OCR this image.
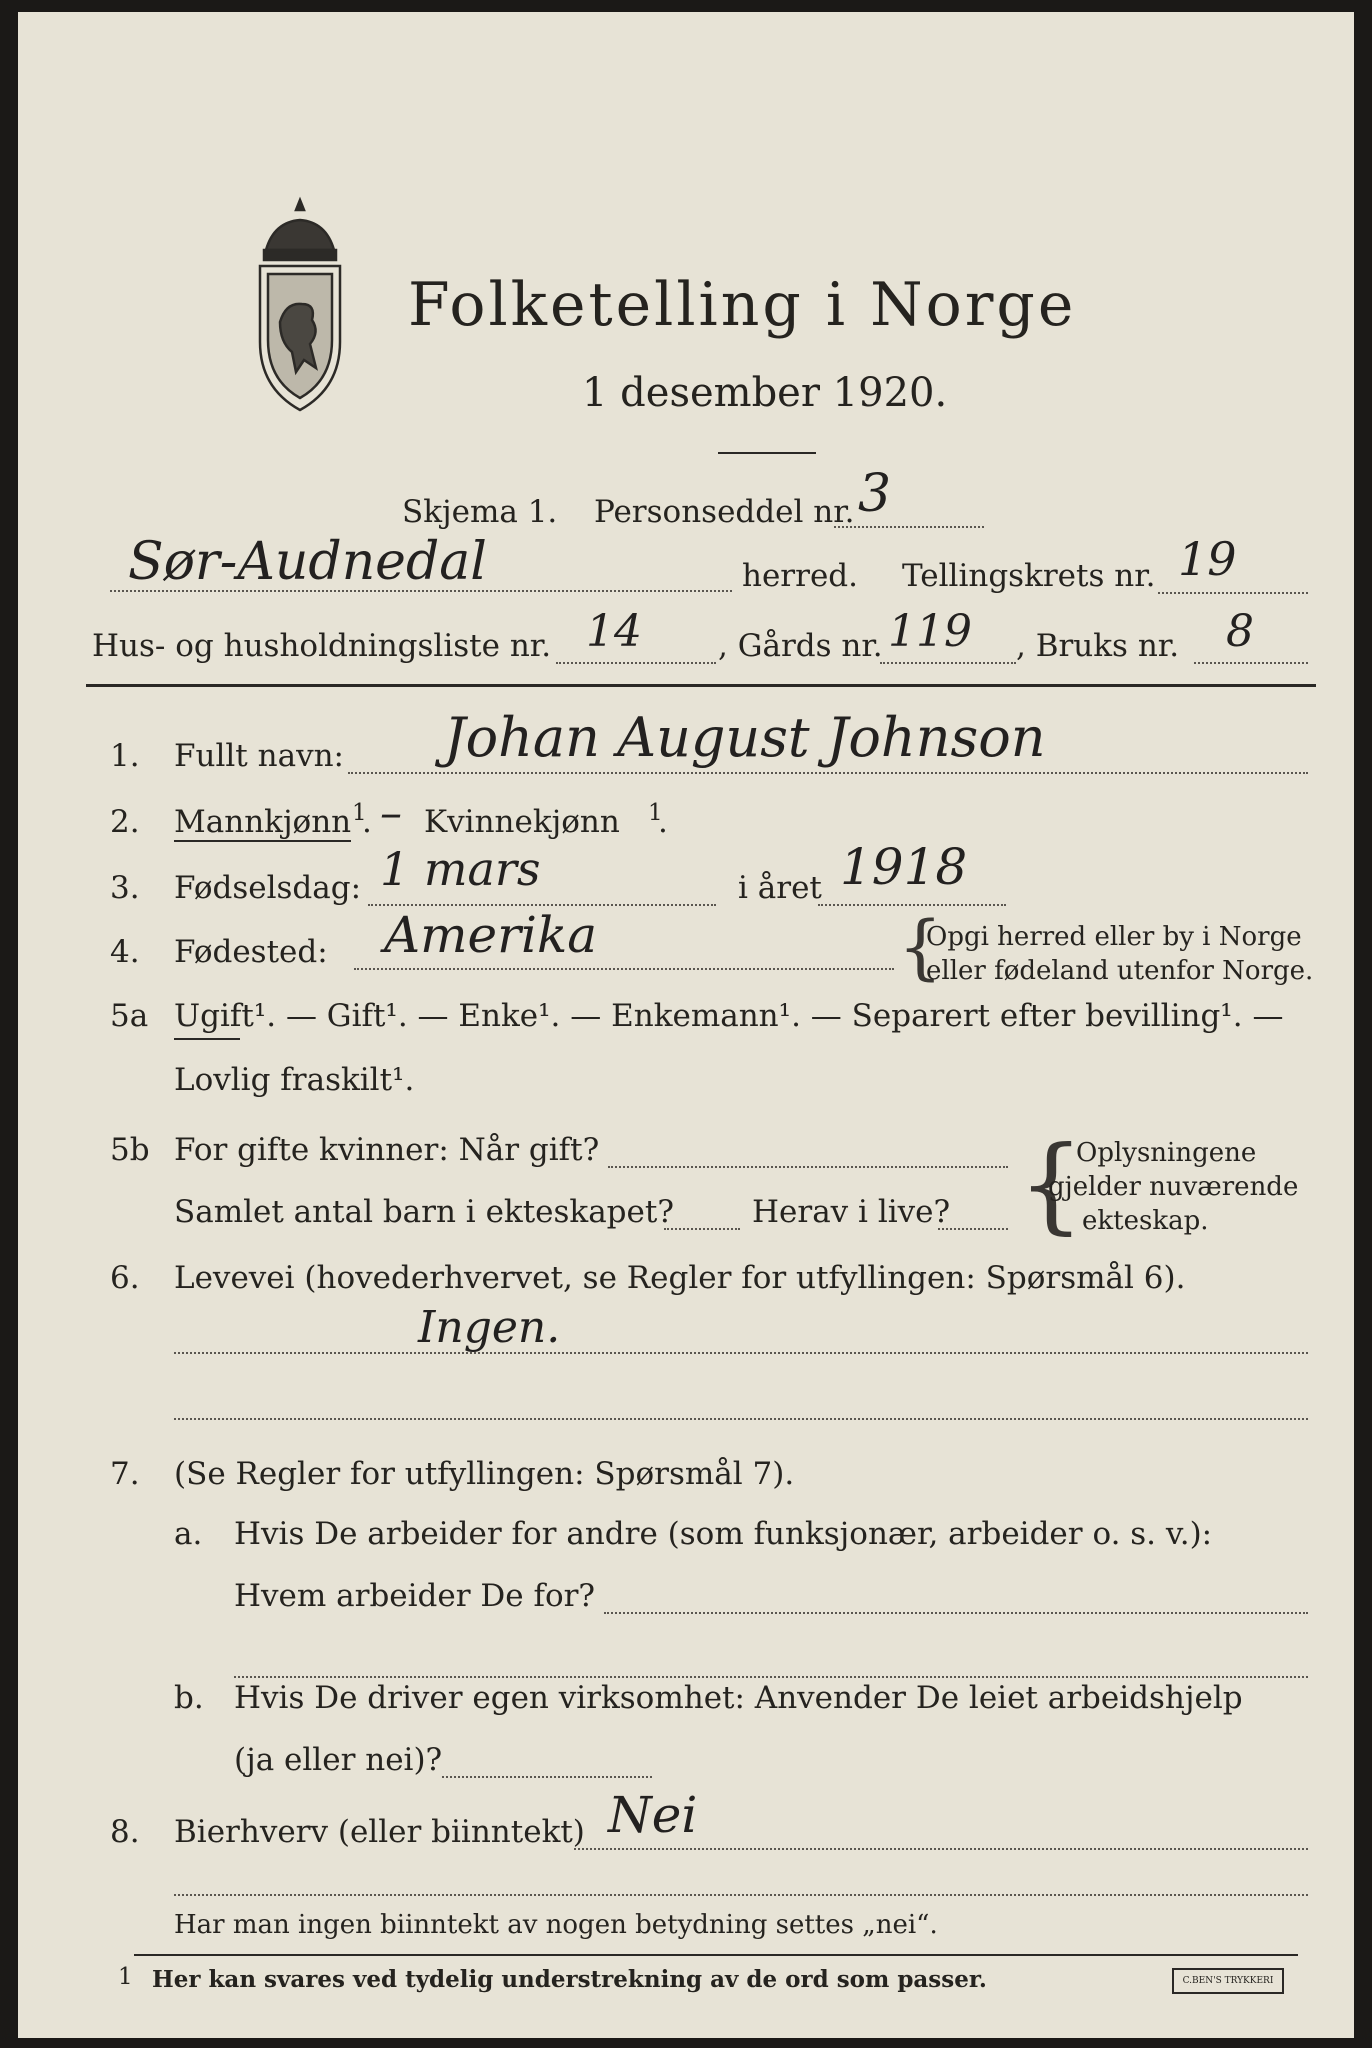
Folketelling i Norge
1 desember 1920.
Skjema 1. Personseddel nr. 3
Sør-Audnedal	herred. Tellingskrets nr. 19
Hus- og husholdningsliste nr. 14 , Gårds nr. 119 , Bruks nr. 8
1. Fullt navn: Johan August Johnson
2. Mannkjønn 1
. – Kvinnekjønn 1
.
3. Fødselsdag: 1 mars	i året 1918
4. Fødested: Amerika	{
Opgi herred eller by i Norge
eller fødeland utenfor Norge.
5a Ugift¹. — Gift¹. — Enke¹. — Enkemann¹. — Separert efter bevilling¹. —
Lovlig fraskilt¹.
5b For gifte kvinner: Når gift?
Samlet antal barn i ekteskapet?	Herav i live? {
Oplysningene
gjelder nuværende
ekteskap.
6. Levevei (hovederhvervet, se Regler for utfyllingen: Spørsmål 6).
Ingen.
7. (Se Regler for utfyllingen: Spørsmål 7).
a. Hvis De arbeider for andre (som funksjonær, arbeider o. s. v.):
Hvem arbeider De for?
b. Hvis De driver egen virksomhet: Anvender De leiet arbeidshjelp
(ja eller nei)?
8. Bierhverv (eller biinntekt) Nei
Har man ingen biinntekt av nogen betydning settes „nei“.
1 Her kan svares ved tydelig understrekning av de ord som passer.	C.BEN'S TRYKKERI
